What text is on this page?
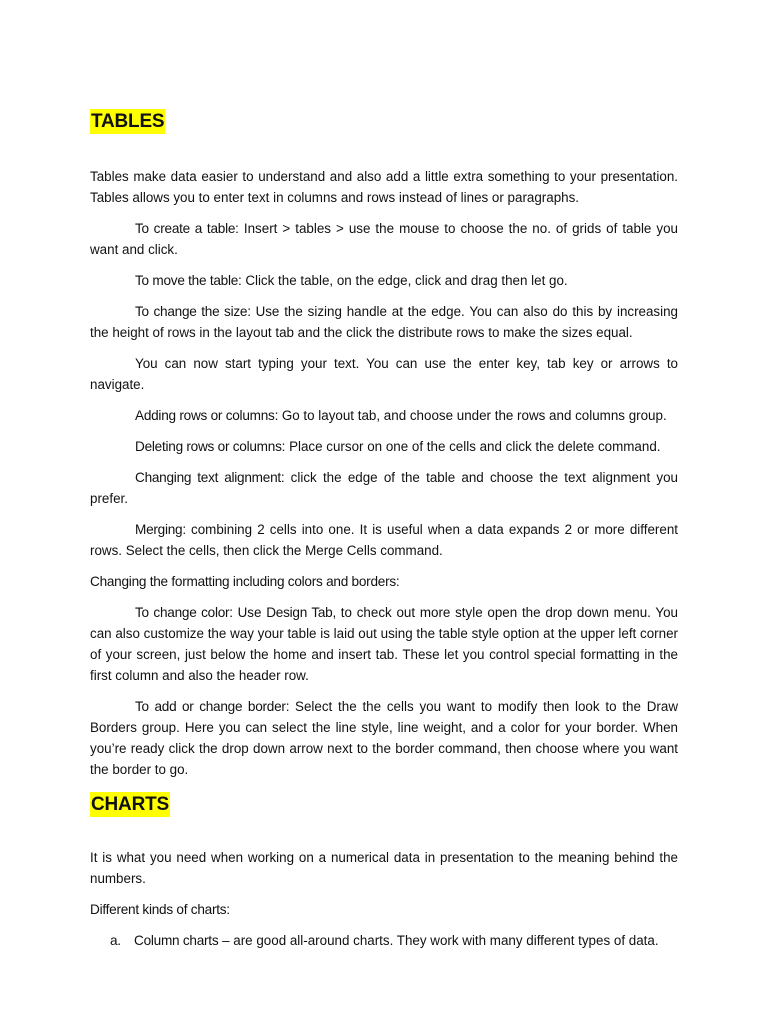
TABLES

Tables make data easier to understand and also add a little extra something to your presentation. Tables allows you to enter text in columns and rows instead of lines or paragraphs.

To create a table: Insert > tables > use the mouse to choose the no. of grids of table you want and click.

To move the table: Click the table, on the edge, click and drag then let go.

To change the size: Use the sizing handle at the edge. You can also do this by increasing the height of rows in the layout tab and the click the distribute rows to make the sizes equal.

You can now start typing your text. You can use the enter key, tab key or arrows to navigate.

Adding rows or columns: Go to layout tab, and choose under the rows and columns group.

Deleting rows or columns: Place cursor on one of the cells and click the delete command.

Changing text alignment: click the edge of the table and choose the text alignment you prefer.

Merging: combining 2 cells into one. It is useful when a data expands 2 or more different rows. Select the cells, then click the Merge Cells command.

Changing the formatting including colors and borders:

To change color: Use Design Tab, to check out more style open the drop down menu. You can also customize the way your table is laid out using the table style option at the upper left corner of your screen, just below the home and insert tab. These let you control special formatting in the first column and also the header row.

To add or change border: Select the the cells you want to modify then look to the Draw Borders group. Here you can select the line style, line weight, and a color for your border. When you’re ready click the drop down arrow next to the border command, then choose where you want the border to go.

CHARTS

It is what you need when working on a numerical data in presentation to the meaning behind the numbers.

Different kinds of charts:

a. Column charts – are good all-around charts. They work with many different types of data.
